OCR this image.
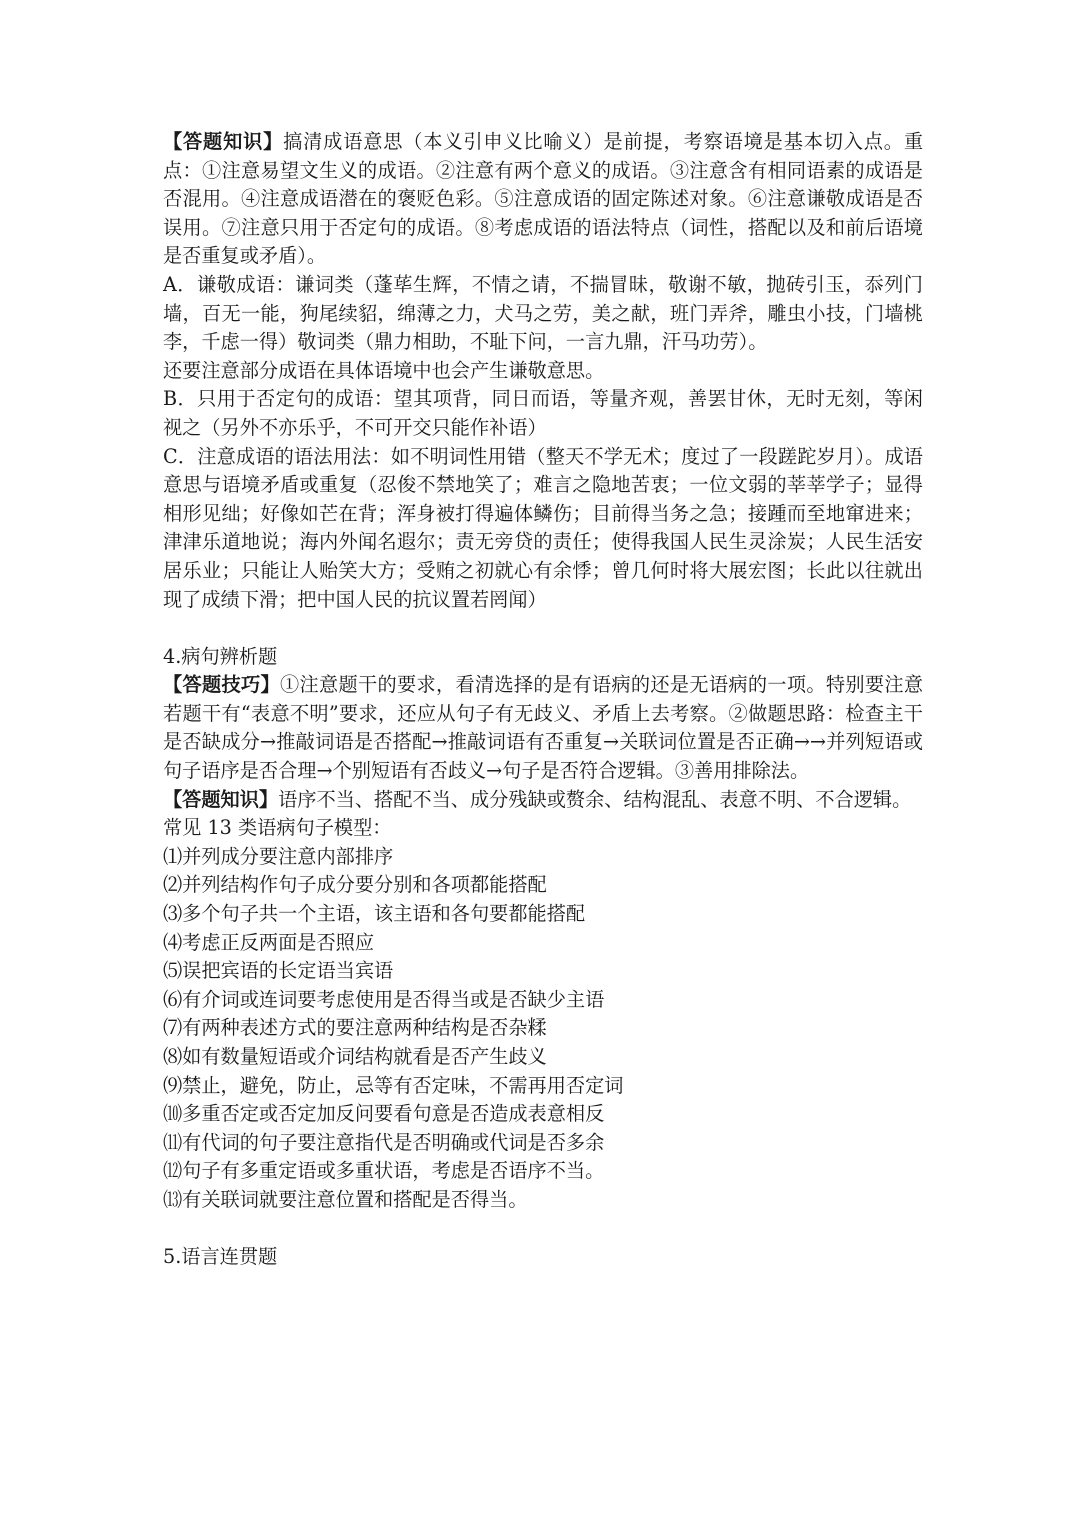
【答题知识】搞清成语意思（本义引申义比喻义）是前提，考察语境是基本切入点。重点：①注意易望文生义的成语。②注意有两个意义的成语。③注意含有相同语素的成语是否混用。④注意成语潜在的褒贬色彩。⑤注意成语的固定陈述对象。⑥注意谦敬成语是否误用。⑦注意只用于否定句的成语。⑧考虑成语的语法特点（词性，搭配以及和前后语境是否重复或矛盾）。

A．谦敬成语：谦词类（蓬荜生辉，不情之请，不揣冒昧，敬谢不敏，抛砖引玉，忝列门墙，百无一能，狗尾续貂，绵薄之力，犬马之劳，美之献，班门弄斧，雕虫小技，门墙桃李，千虑一得）敬词类（鼎力相助，不耻下问，一言九鼎，汗马功劳）。

还要注意部分成语在具体语境中也会产生谦敬意思。

B．只用于否定句的成语：望其项背，同日而语，等量齐观，善罢甘休，无时无刻，等闲视之（另外不亦乐乎，不可开交只能作补语）

C．注意成语的语法用法：如不明词性用错（整天不学无术；度过了一段蹉跎岁月）。成语意思与语境矛盾或重复（忍俊不禁地笑了；难言之隐地苦衷；一位文弱的莘莘学子；显得相形见绌；好像如芒在背；浑身被打得遍体鳞伤；目前得当务之急；接踵而至地窜进来；津津乐道地说；海内外闻名遐尔；责无旁贷的责任；使得我国人民生灵涂炭；人民生活安居乐业；只能让人贻笑大方；受贿之初就心有余悸；曾几何时将大展宏图；长此以往就出现了成绩下滑；把中国人民的抗议置若罔闻）

4.病句辨析题

【答题技巧】①注意题干的要求，看清选择的是有语病的还是无语病的一项。特别要注意若题干有“表意不明”要求，还应从句子有无歧义、矛盾上去考察。②做题思路：检查主干是否缺成分→推敲词语是否搭配→推敲词语有否重复→关联词位置是否正确→→并列短语或句子语序是否合理→个别短语有否歧义→句子是否符合逻辑。③善用排除法。

【答题知识】语序不当、搭配不当、成分残缺或赘余、结构混乱、表意不明、不合逻辑。

常见 13 类语病句子模型：

⑴并列成分要注意内部排序

⑵并列结构作句子成分要分别和各项都能搭配

⑶多个句子共一个主语，该主语和各句要都能搭配

⑷考虑正反两面是否照应

⑸误把宾语的长定语当宾语

⑹有介词或连词要考虑使用是否得当或是否缺少主语

⑺有两种表述方式的要注意两种结构是否杂糅

⑻如有数量短语或介词结构就看是否产生歧义

⑼禁止，避免，防止，忌等有否定味，不需再用否定词

⑽多重否定或否定加反问要看句意是否造成表意相反

⑾有代词的句子要注意指代是否明确或代词是否多余

⑿句子有多重定语或多重状语，考虑是否语序不当。

⒀有关联词就要注意位置和搭配是否得当。

5.语言连贯题
